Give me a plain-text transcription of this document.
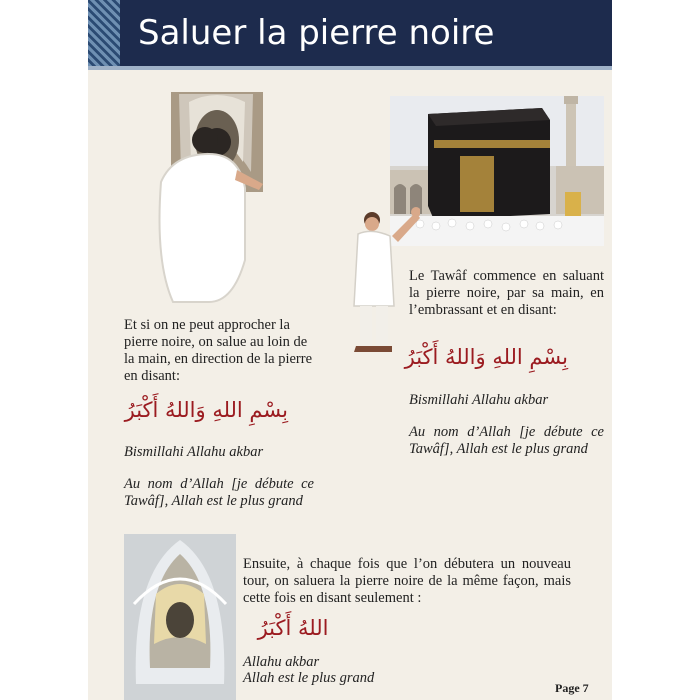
Saluer la pierre noire
Et si on ne peut approcher la pierre noire, on salue au loin de la main, en direction de la pierre en disant:
بِسْمِ اللهِ وَاللهُ أَكْبَرُ
Bismillahi Allahu akbar
Au nom d’Allah [je débute ce Tawâf], Allah est le plus grand
Le Tawâf commence en saluant la pierre noire, par sa main, en l’embrassant et en disant:
بِسْمِ اللهِ وَاللهُ أَكْبَرُ
Bismillahi Allahu akbar
Au nom d’Allah [je débute ce Tawâf], Allah est le plus grand
Ensuite, à chaque fois que l’on débutera un nouveau tour, on saluera la pierre noire de la même façon, mais cette fois en disant seulement :
اللهُ أَكْبَرُ
Allahu akbar
Allah est le plus grand
Page 7
